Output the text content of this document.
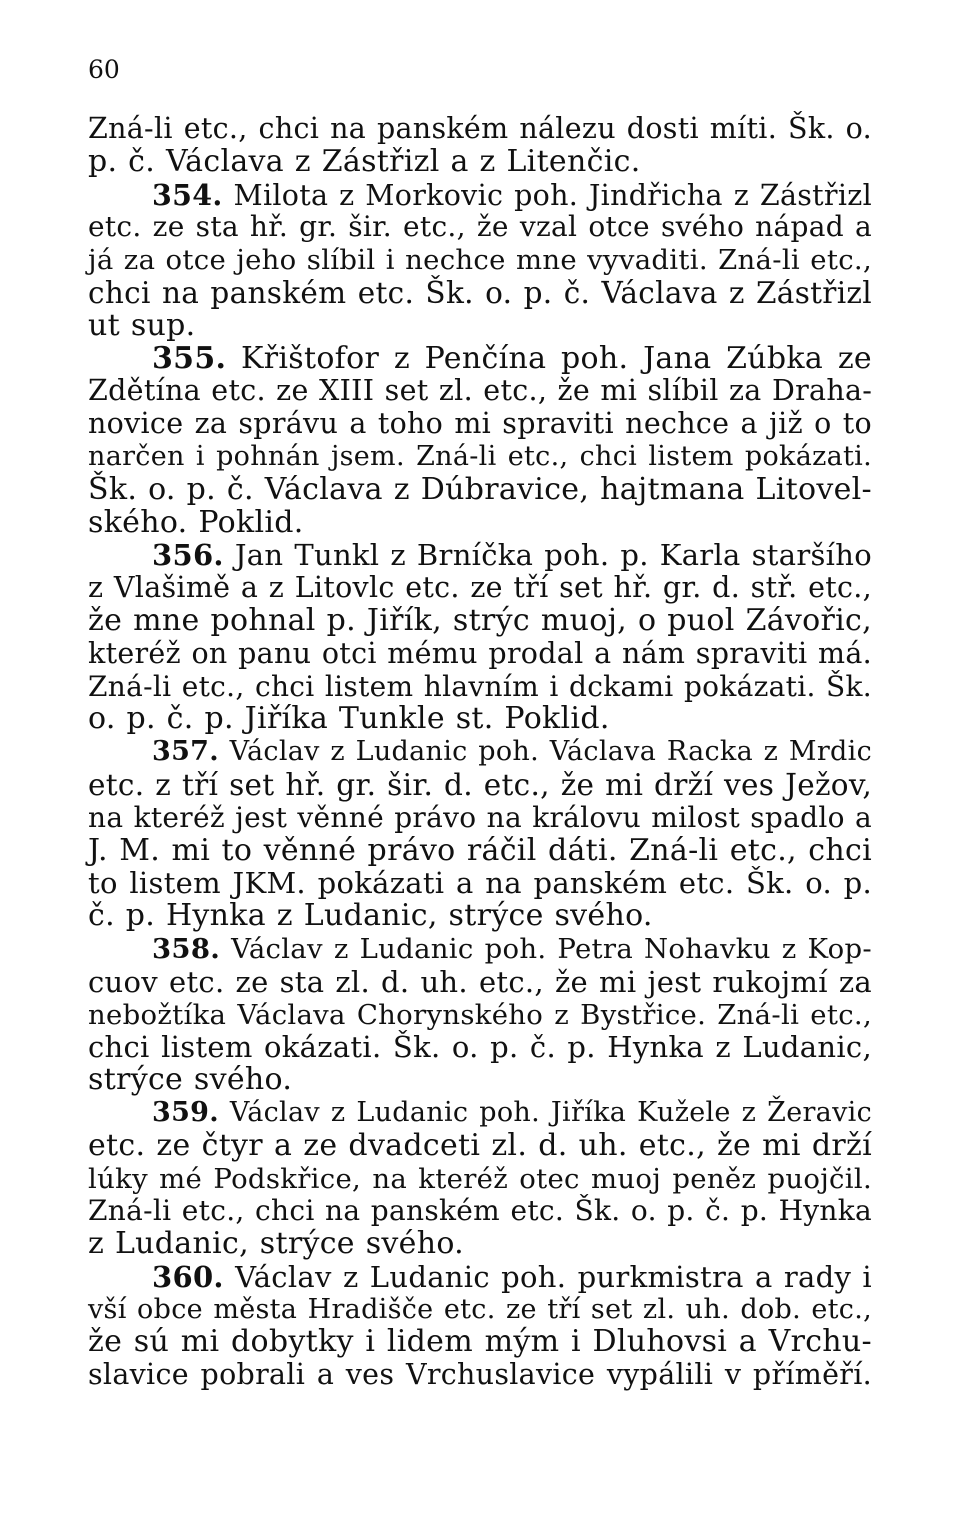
60
Zná-li etc., chci na panském nálezu dosti míti. Šk. o.
p. č. Václava z Zástřizl a z Litenčic.
354. Milota z Morkovic poh. Jindřicha z Zástřizl
etc. ze sta hř. gr. šir. etc., že vzal otce svého nápad a
já za otce jeho slíbil i nechce mne vyvaditi. Zná-li etc.,
chci na panském etc. Šk. o. p. č. Václava z Zástřizl
ut sup.
355. Křištofor z Penčína poh. Jana Zúbka ze
Zdětína etc. ze XIII set zl. etc., že mi slíbil za Draha-
novice za správu a toho mi spraviti nechce a již o to
narčen i pohnán jsem. Zná-li etc., chci listem pokázati.
Šk. o. p. č. Václava z Dúbravice, hajtmana Litovel-
ského. Poklid.
356. Jan Tunkl z Brníčka poh. p. Karla staršího
z Vlašimě a z Litovlc etc. ze tří set hř. gr. d. stř. etc.,
že mne pohnal p. Jiřík, strýc muoj, o puol Závořic,
kteréž on panu otci mému prodal a nám spraviti má.
Zná-li etc., chci listem hlavním i dckami pokázati. Šk.
o. p. č. p. Jiříka Tunkle st. Poklid.
357. Václav z Ludanic poh. Václava Racka z Mrdic
etc. z tří set hř. gr. šir. d. etc., že mi drží ves Ježov,
na kteréž jest věnné právo na královu milost spadlo a
J. M. mi to věnné právo ráčil dáti. Zná-li etc., chci
to listem JKM. pokázati a na panském etc. Šk. o. p.
č. p. Hynka z Ludanic, strýce svého.
358. Václav z Ludanic poh. Petra Nohavku z Kop-
cuov etc. ze sta zl. d. uh. etc., že mi jest rukojmí za
nebožtíka Václava Chorynského z Bystřice. Zná-li etc.,
chci listem okázati. Šk. o. p. č. p. Hynka z Ludanic,
strýce svého.
359. Václav z Ludanic poh. Jiříka Kužele z Žeravic
etc. ze čtyr a ze dvadceti zl. d. uh. etc., že mi drží
lúky mé Podskřice, na kteréž otec muoj peněz puojčil.
Zná-li etc., chci na panském etc. Šk. o. p. č. p. Hynka
z Ludanic, strýce svého.
360. Václav z Ludanic poh. purkmistra a rady i
vší obce města Hradišče etc. ze tří set zl. uh. dob. etc.,
že sú mi dobytky i lidem mým i Dluhovsi a Vrchu-
slavice pobrali a ves Vrchuslavice vypálili v příměří.
